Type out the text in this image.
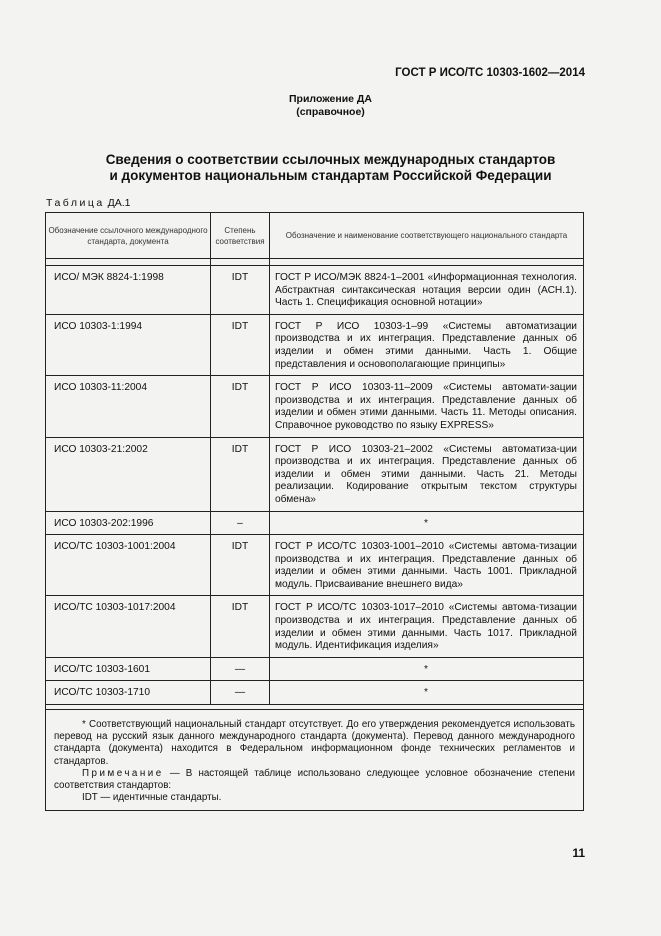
ГОСТ Р ИСО/ТС 10303-1602—2014
Приложение ДА
(справочное)
Сведения о соответствии ссылочных международных стандартов
и документов национальным стандартам Российской Федерации
Таблица ДА.1
Обозначение ссылочного международного стандарта, документа	Степень соответствия	Обозначение и наименование соответствующего национального стандарта

ИСО/ МЭК 8824-1:1998	IDT	ГОСТ Р ИСО/МЭК 8824-1–2001 «Информационная технология. Абстрактная синтаксическая нотация версии один (АСН.1). Часть 1. Спецификация основной нотации»
ИСО 10303-1:1994	IDT	ГОСТ Р ИСО 10303-1–99 «Системы автоматизации производства и их интеграция. Представление данных об изделии и обмен этими данными. Часть 1. Общие представления и основополагающие принципы»
ИСО 10303-11:2004	IDT	ГОСТ Р ИСО 10303-11–2009 «Системы автомати-зации производства и их интеграция. Представление данных об изделии и обмен этими данными. Часть 11. Методы описания. Справочное руководство по языку EXPRESS»
ИСО 10303-21:2002	IDT	ГОСТ Р ИСО 10303-21–2002 «Системы автоматиза-ции производства и их интеграция. Представление данных об изделии и обмен этими данными. Часть 21. Методы реализации. Кодирование открытым текстом структуры обмена»
ИСО 10303-202:1996	–	*
ИСО/ТС 10303-1001:2004	IDT	ГОСТ Р ИСО/ТС 10303-1001–2010 «Системы автома-тизации производства и их интеграция. Представление данных об изделии и обмен этими данными. Часть 1001. Прикладной модуль. Присваивание внешнего вида»
ИСО/ТС 10303-1017:2004	IDT	ГОСТ Р ИСО/ТС 10303-1017–2010 «Системы автома-тизации производства и их интеграция. Представление данных об изделии и обмен этими данными. Часть 1017. Прикладной модуль. Идентификация изделия»
ИСО/ТС 10303-1601	—	*
ИСО/ТС 10303-1710	—	*

* Соответствующий национальный стандарт отсутствует. До его утверждения рекомендуется использовать перевод на русский язык данного международного стандарта (документа). Перевод данного международного стандарта (документа) находится в Федеральном информационном фонде технических регламентов и стандартов.
Примечание — В настоящей таблице использовано следующее условное обозначение степени соответствия стандартов:
IDT — идентичные стандарты.		
11
